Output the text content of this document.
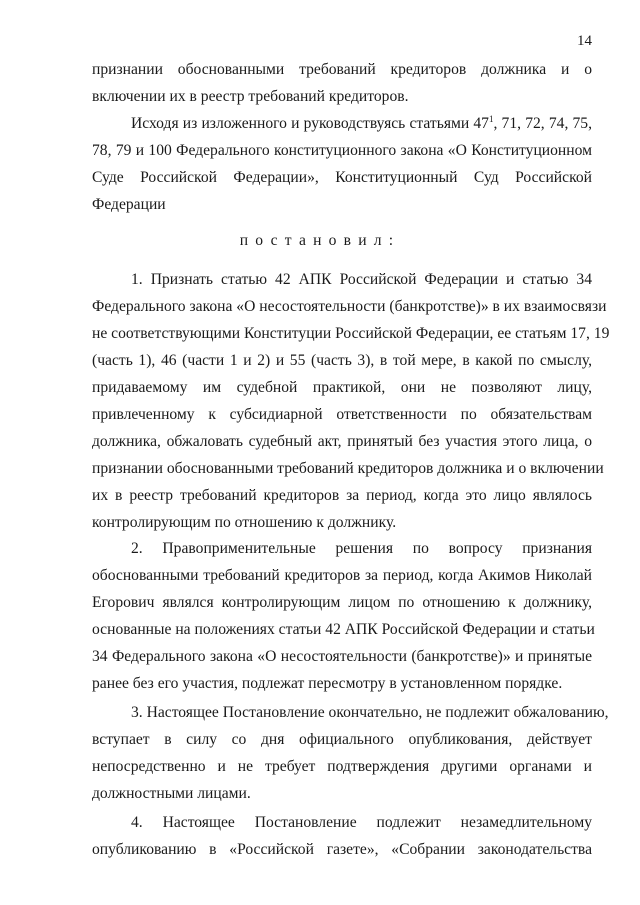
14
признании обоснованными требований кредиторов должника и о
включении их в реестр требований кредиторов.
Исходя из изложенного и руководствуясь статьями $47^1$, 71, 72, 74, 75,
78, 79 и 100 Федерального конституционного закона «О Конституционном
Суде Российской Федерации», Конституционный Суд Российской
Федерации
постановил:
1. Признать статью 42 АПК Российской Федерации и статью 34
Федерального закона «О несостоятельности (банкротстве)» в их взаимосвязи
не соответствующими Конституции Российской Федерации, ее статьям 17, 19
(часть 1), 46 (части 1 и 2) и 55 (часть 3), в той мере, в какой по смыслу,
придаваемому им судебной практикой, они не позволяют лицу,
привлеченному к субсидиарной ответственности по обязательствам
должника, обжаловать судебный акт, принятый без участия этого лица, о
признании обоснованными требований кредиторов должника и о включении
их в реестр требований кредиторов за период, когда это лицо являлось
контролирующим по отношению к должнику.
2. Правоприменительные решения по вопросу признания
обоснованными требований кредиторов за период, когда Акимов Николай
Егорович являлся контролирующим лицом по отношению к должнику,
основанные на положениях статьи 42 АПК Российской Федерации и статьи
34 Федерального закона «О несостоятельности (банкротстве)» и принятые
ранее без его участия, подлежат пересмотру в установленном порядке.
3. Настоящее Постановление окончательно, не подлежит обжалованию,
вступает в силу со дня официального опубликования, действует
непосредственно и не требует подтверждения другими органами и
должностными лицами.
4. Настоящее Постановление подлежит незамедлительному
опубликованию в «Российской газете», «Собрании законодательства
